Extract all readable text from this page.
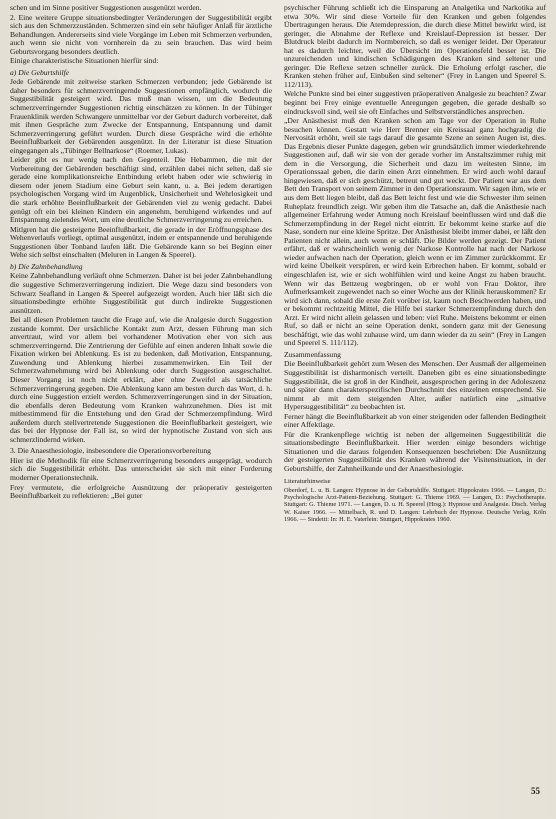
schen und im Sinne positiver Suggestionen ausgenützt werden.

2. Eine weitere Gruppe situationsbedingter Veränderungen der Suggestibilität ergibt sich aus den Schmerzzuständen. Schmerzen sind ein sehr häufiger Anlaß für ärztliche Behandlungen. Andererseits sind viele Vorgänge im Leben mit Schmerzen verbunden, auch wenn sie nicht von vornherein da zu sein brauchen. Das wird beim Geburtsvorgang besonders deutlich.

Einige charakteristische Situationen hierfür sind:

a) Die Geburtshilfe

Jede Gebärende mit zeitweise starken Schmerzen verbunden; jede Gebärende ist daher besonders für schmerzverringernde Suggestionen empfänglich, wodurch die Suggestibilität gesteigert wird. Das muß man wissen, um die Bedeutung schmerzverringernder Suggestionen richtig einschätzen zu können. In der Tübinger Frauenklinik werden Schwangere unmittelbar vor der Geburt dadurch vorbereitet, daß mit ihnen Gespräche zum Zwecke der Entspannung, Entspannung und damit Schmerzverringerung geführt wurden. Durch diese Gespräche wird die erhöhte Beeinflußbarkeit der Gebärenden ausgenützt. In der Literatur ist diese Situation eingegangen als „Tübinger Bellnarkose“ (Roemer, Lukas).

Leider gibt es nur wenig nach den Gegenteil. Die Hebammen, die mit der Vorbereitung der Gebärenden beschäftigt sind, erzählen dabei nicht selten, daß sie gerade eine komplikationsreiche Entbindung erlebt haben oder wie schwierig in diesem oder jenem Stadium eine Geburt sein kann, u. a. Bei jedem derartigen psychologischen Vorgang wird im Augenblick, Unsicherheit und Wehrlosigkeit und die stark erhöhte Beeinflußbarkeit der Gebärenden viel zu wenig gedacht. Dabei genügt oft ein bei kleinen Kindern ein angenehm, beruhigend wirkendes und auf Entspannung zielendes Wort, um eine deutliche Schmerzverringerung zu erreichen.

Mitlgren hat die gesteigerte Beeinflußbarkeit, die gerade in der Eröffnungsphase des Wehenverlaufs vorliegt, optimal ausgenützt, indem er entspannende und beruhigende Suggestionen über Tonband laufen läßt. Die Gebärende kann so bei Beginn einer Wehe sich selbst einschalten (Meluren in Langen & Speerel).

b) Die Zahnbehandlung

Keine Zahnbehandlung verläuft ohne Schmerzen. Daher ist bei jeder Zahnbehandlung die suggestive Schmerzverringerung indiziert. Die Wege dazu sind besonders von Schwarz Seafland in Langen & Speerel aufgezeigt worden. Auch hier läßt sich die situationsbedingte erhöhte Suggestibilität gut durch indirekte Suggestionen ausnützen.

Bei all diesen Problemen taucht die Frage auf, wie die Analgesie durch Suggestion zustande kommt. Der ursächliche Kontakt zum Arzt, dessen Führung man sich anvertraut, wird vor allem bei vorhandener Motivation eher von sich aus schmerzverringernd. Die Zentrierung der Gefühle auf einen anderen Inhalt sowie die Fixation wirken bei Ablenkung. Es ist zu bedenken, daß Motivation, Entspannung, Zuwendung und Ablenkung hierbei zusammenwirken. Ein Teil der Schmerzwahrnehmung wird bei Ablenkung oder durch Suggestion ausgeschaltet. Dieser Vorgang ist noch nicht erklärt, aber ohne Zweifel als tatsächliche Schmerzverringerung gegeben. Die Ablenkung kann am besten durch das Wort, d. h. durch eine Suggestion erzielt werden. Schmerzverringerungen sind in der Situation, die ebenfalls deren Bedeutung vom Kranken wahrzunehmen. Dies ist mit mitbestimmend für die Entstehung und den Grad der Schmerzempfindung. Wird außerdem durch stellvertretende Suggestionen die Beeinflußbarkeit gesteigert, wie das bei der Hypnose der Fall ist, so wird der hypnotische Zustand von sich aus schmerzlindernd wirken.

3. Die Anaesthesiologie, insbesondere die Operationsvorbereitung

Hier ist die Methodik für eine Schmerzverringerung besonders ausgeprägt, wodurch sich die Suggestibilität erhöht. Das unterscheidet sie sich mit einer Forderung moderner Operationstechnik.

Frey vermutete, die erfolgreiche Ausnützung der präoperativ gesteigerten Beeinflußbarkeit zu reflektieren: „Bei guter

psychischer Führung schließt ich die Einsparung an Analgetika und Narkotika auf etwa 30%. Wir sind diese Vorteile für den Kranken und geben folgendes Übertragungen heraus. Die Atemdepression, die durch diese Mittel bewirkt wird, ist geringer, die Abnahme der Reflexe und Kreislauf-Depression ist besser. Der Blutdruck bleibt dadurch im Normbereich, so daß es weniger leidet. Der Operateur hat es dadurch leichter, weil die Übersicht im Operationsfeld besser ist. Die unzureichenden und kindischen Schädigungen des Kranken sind seltener und geringer. Die Reflexe setzen schneller zurück. Die Erholung erfolgt rascher, die Kranken stehen früher auf, Einbußen sind seltener“ (Frey in Langen und Speerel S. 112/113).

Welche Punkte sind bei einer suggestiven präoperativen Analgesie zu beachten? Zwar beginnt bei Frey einige eventuelle Anregungen gegeben, die gerade deshalb so eindrucksvoll sind, weil sie oft Einfaches und Selbstverständliches ansprechen.

„Der Anästhesist muß den Kranken schon am Tage vor der Operation in Ruhe besuchen können. Gestatt wie Herr Brenner ein Kreissaal ganz hochgradig die Nervosität erhöht, weil sie tags darauf die gesamte Szene an seinen Augen ist, dies. Das Ergebnis dieser Punkte dagegen, geben wir grundsätzlich immer wiederkehrende Suggestionen auf, daß wir sie von der gerade vorher im Anstaltszimmer ruhig mit dem in die Versorgung, die Sicherheit und dazu im weitesten Sinne, im Operationssaal geben, die darin einen Arzt einnehmen. Er wird auch wohl darauf hingewiesen, daß er sich geschützt, betreut und gut weckt. Der Patient war aus dem Bett den Transport von seinem Zimmer in den Operationsraum. Wir sagen ihm, wie er aus dem Bett liegen bleibt, daß das Bett leicht fest und wie die Schwester ihm seinen Ruheplatz freundlich zeigt. Wir geben ihm die Tatsache an, daß die Anästhesie nach allgemeiner Erfahrung weder Atmung noch Kreislauf beeinflussen wird und daß die Schmerzempfindung in der Regel nicht eintritt. Er bekommt keine starke auf die Nase, sondern nur eine kleine Spritze. Der Anästhesist bleibt immer dabei, er läßt den Patienten nicht allein, auch wenn er schläft. Die Bilder werden gezeigt. Der Patient erfährt, daß er wahrscheinlich wenig der Narkose Kontrolle hat nach der Narkose wieder aufwachen nach der Operation, gleich wenn er im Zimmer zurückkommt. Er wird keine Übelkeit verspüren, er wird kein Erbrechen haben. Er kommt, sobald er eingeschlafen ist, wie er sich wohlfühlen wird und keine Angst zu haben braucht. Wenn wir das Bettzeug wegbringen, ob er wohl von Frau Doktor, ihre Aufmerksamkeit zugewendet nach so einer Woche aus der Klinik herauskommen? Er wird sich dann, sobald die erste Zeit vorüber ist, kaum noch Beschwerden haben, und er bekommt rechtzeitig Mittel, die Hilfe bei starker Schmerzempfindung durch den Arzt. Er wird nicht allein gelassen und leben: viel Ruhe. Meistens bekommt er einen Ruf, so daß er nicht an seine Operation denkt, sondern ganz mit der Genesung beschäftigt, wie das wohl zuhause wird, um dann wieder da zu sein“ (Frey in Langen und Speerel S. 111/112).

Zusammenfassung

Die Beeinflußbarkeit gehört zum Wesen des Menschen. Der Ausmaß der allgemeinen Suggestibilität ist disharmonisch verteilt. Daneben gibt es eine situationsbedingte Suggestibilität, die ist groß in der Kindheit, ausgesprochen gering in der Adoleszenz und später dann charakterspezifischen Durchschnitt des einzelnen entsprechend. Sie nimmt ab mit dem steigenden Alter, außer natürlich eine „situative Hypersuggestibilität“ zu beobachten ist.

Ferner hängt die Beeinflußbarkeit ab von einer steigenden oder fallenden Bedingtheit einer Affektlage.

Für die Krankenpflege wichtig ist neben der allgemeinen Suggestibilität die situationsbedingte Beeinflußbarkeit. Hier werden einige besonders wichtige Situationen und die daraus folgenden Konsequenzen beschrieben: Die Ausnützung der gesteigerten Suggestibilität des Kranken während der Visitensituation, in der Geburtshilfe, der Zahnheilkunde und der Anaesthesiologie.

Literaturhinweise

Oberdorf, L. u. B. Langen: Hypnose in der Geburtshilfe. Stuttgart: Hippokrates 1966. — Langen, D.: Psychologische Arzt-Patient-Beziehung. Stuttgart: G. Thieme 1969. — Langen, D.: Psychotherapie. Stuttgart: G. Thieme 1971. — Langen, D. u. H. Speerel (Hrsg.): Hypnose und Analgesie. Dtsch. Verlag W. Kaiser 1966. — Mittelbach, R. und D. Langen: Lehrbuch der Hypnose. Deutsche Verlag, Köln 1966. — Sindetti: In: H. E. Vaterlein: Stuttgart, Hippokrates 1960.

55
